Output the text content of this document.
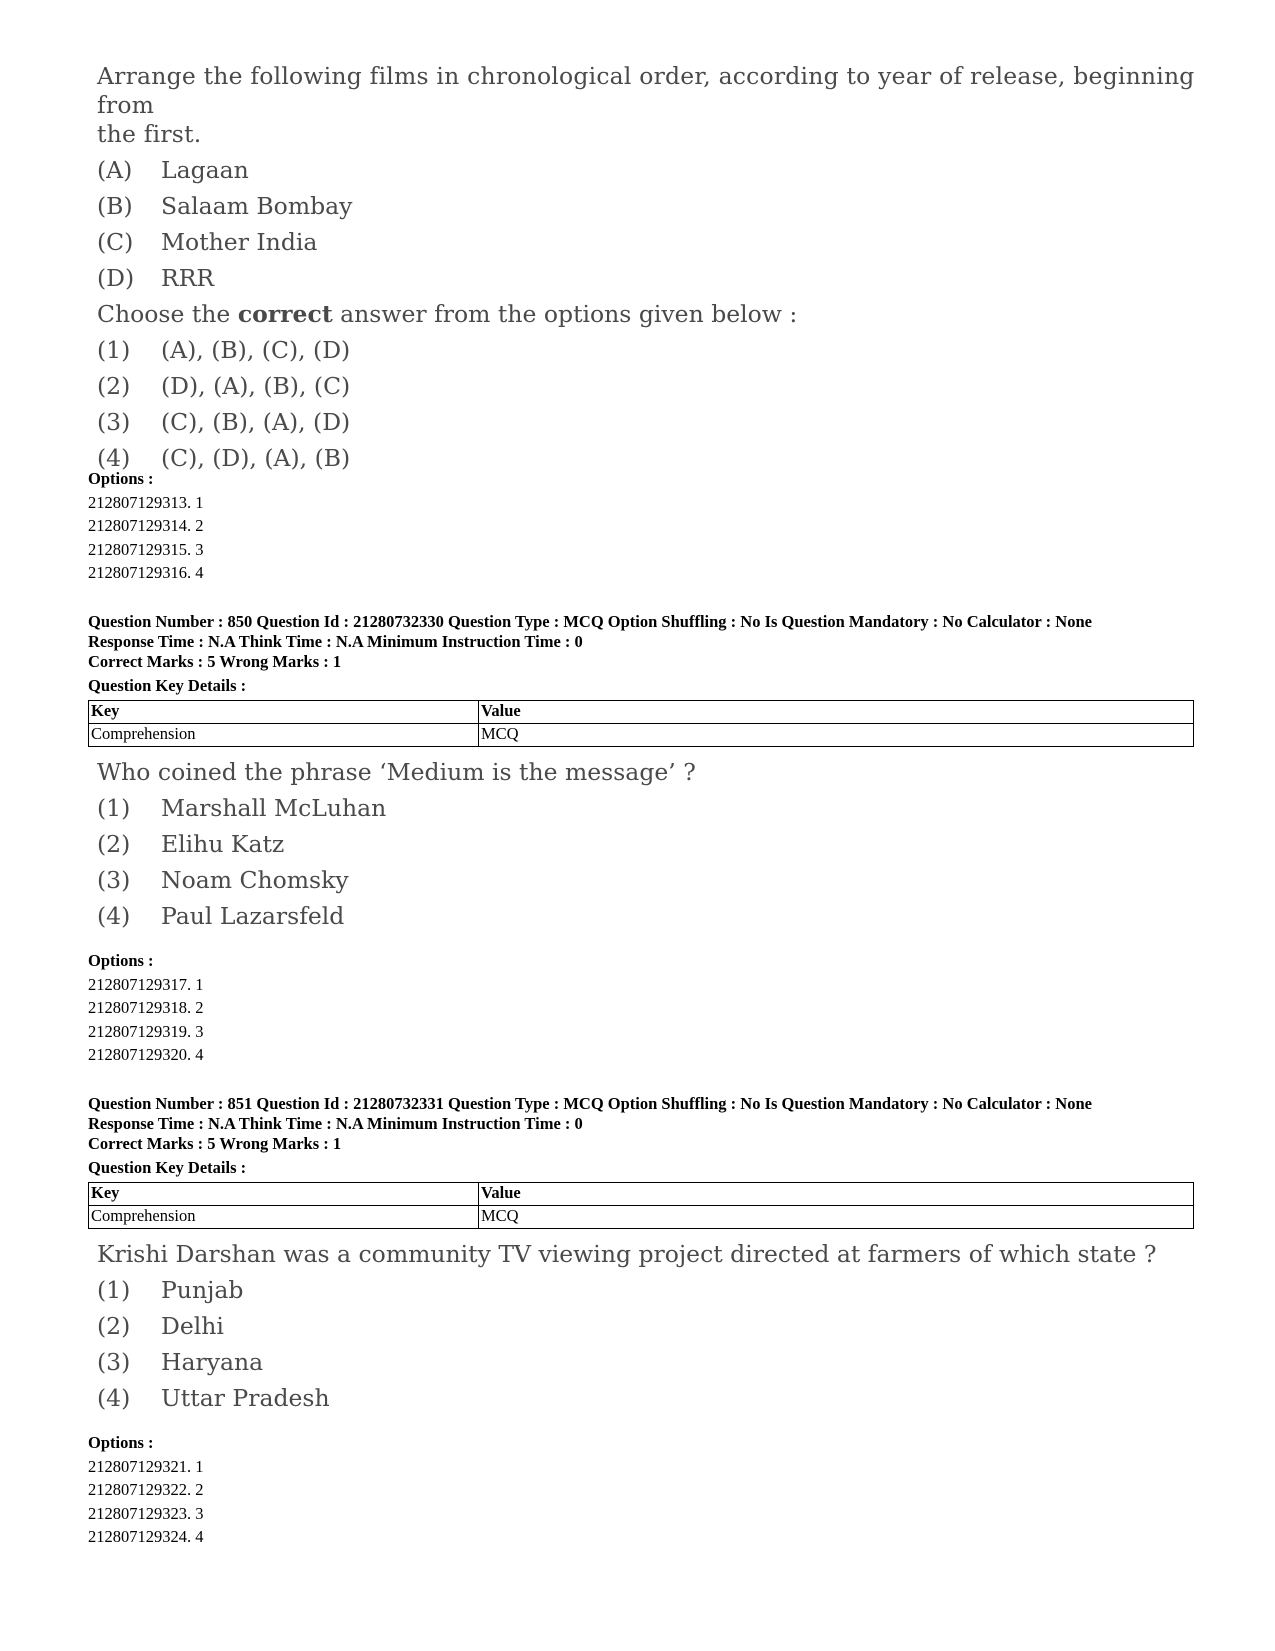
Arrange the following films in chronological order, according to year of release, beginning from
the first.

(A)	Lagaan
(B)	Salaam Bombay
(C)	Mother India
(D)	RRR
Choose the correct answer from the options given below :
(1)	(A), (B), (C), (D)
(2)	(D), (A), (B), (C)
(3)	(C), (B), (A), (D)
(4)	(C), (D), (A), (B)
Options :
212807129313. 1
212807129314. 2
212807129315. 3
212807129316. 4
Question Number : 850 Question Id : 21280732330 Question Type : MCQ Option Shuffling : No Is Question Mandatory : No Calculator : None
Response Time : N.A Think Time : N.A Minimum Instruction Time : 0
Correct Marks : 5 Wrong Marks : 1
Question Key Details :
Key	Value
Comprehension	MCQ
Who coined the phrase ‘Medium is the message’ ?
(1)	Marshall McLuhan
(2)	Elihu Katz
(3)	Noam Chomsky
(4)	Paul Lazarsfeld
Options :
212807129317. 1
212807129318. 2
212807129319. 3
212807129320. 4
Question Number : 851 Question Id : 21280732331 Question Type : MCQ Option Shuffling : No Is Question Mandatory : No Calculator : None
Response Time : N.A Think Time : N.A Minimum Instruction Time : 0
Correct Marks : 5 Wrong Marks : 1
Question Key Details :
Key	Value
Comprehension	MCQ
Krishi Darshan was a community TV viewing project directed at farmers of which state ?
(1)	Punjab
(2)	Delhi
(3)	Haryana
(4)	Uttar Pradesh
Options :
212807129321. 1
212807129322. 2
212807129323. 3
212807129324. 4
